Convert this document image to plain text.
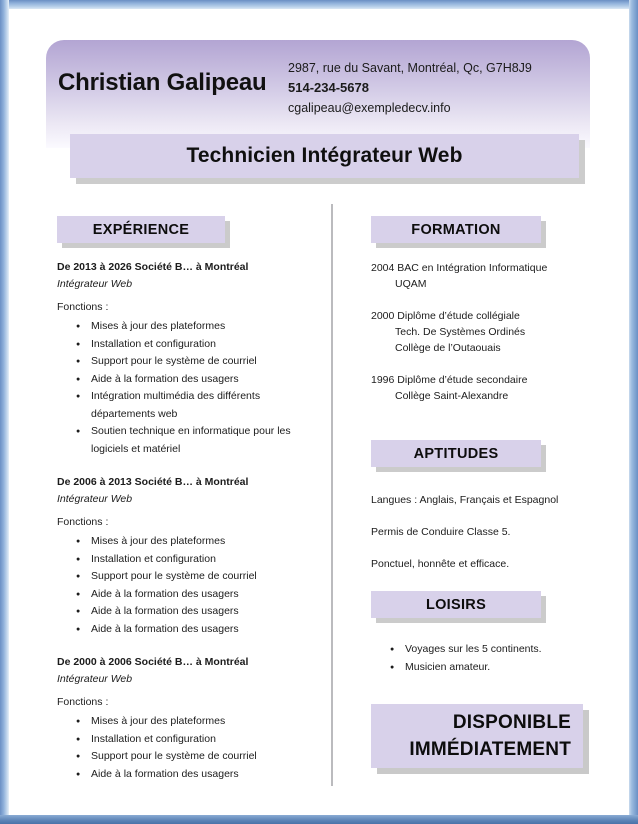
Christian Galipeau
2987, rue du Savant, Montréal, Qc, G7H8J9
514-234-5678
cgalipeau@exempledecv.info
Technicien Intégrateur Web
EXPÉRIENCE	FORMATION
APTITUDES
LOISIRS
De 2013 à 2026 Société B… à Montréal
Intégrateur Web
Fonctions :
● Mises à jour des plateformes
● Installation et configuration
● Support pour le système de courriel
● Aide à la formation des usagers
● Intégration multimédia des différents départements web
● Soutien technique en informatique pour les logiciels et matériel
De 2006 à 2013 Société B… à Montréal
Intégrateur Web
Fonctions :
● Mises à jour des plateformes
● Installation et configuration
● Support pour le système de courriel
● Aide à la formation des usagers
● Aide à la formation des usagers
● Aide à la formation des usagers
De 2000 à 2006 Société B… à Montréal
Intégrateur Web
Fonctions :
● Mises à jour des plateformes
● Installation et configuration
● Support pour le système de courriel
● Aide à la formation des usagers
2004 BAC en Intégration Informatique
UQAM
2000 Diplôme d’étude collégiale
Tech. De Systèmes Ordinés
Collège de l’Outaouais
1996 Diplôme d’étude secondaire
Collège Saint-Alexandre
Langues : Anglais, Français et Espagnol
Permis de Conduire Classe 5.
Ponctuel, honnête et efficace.
● Voyages sur les 5 continents.
● Musicien amateur.
DISPONIBLE
IMMÉDIATEMENT
